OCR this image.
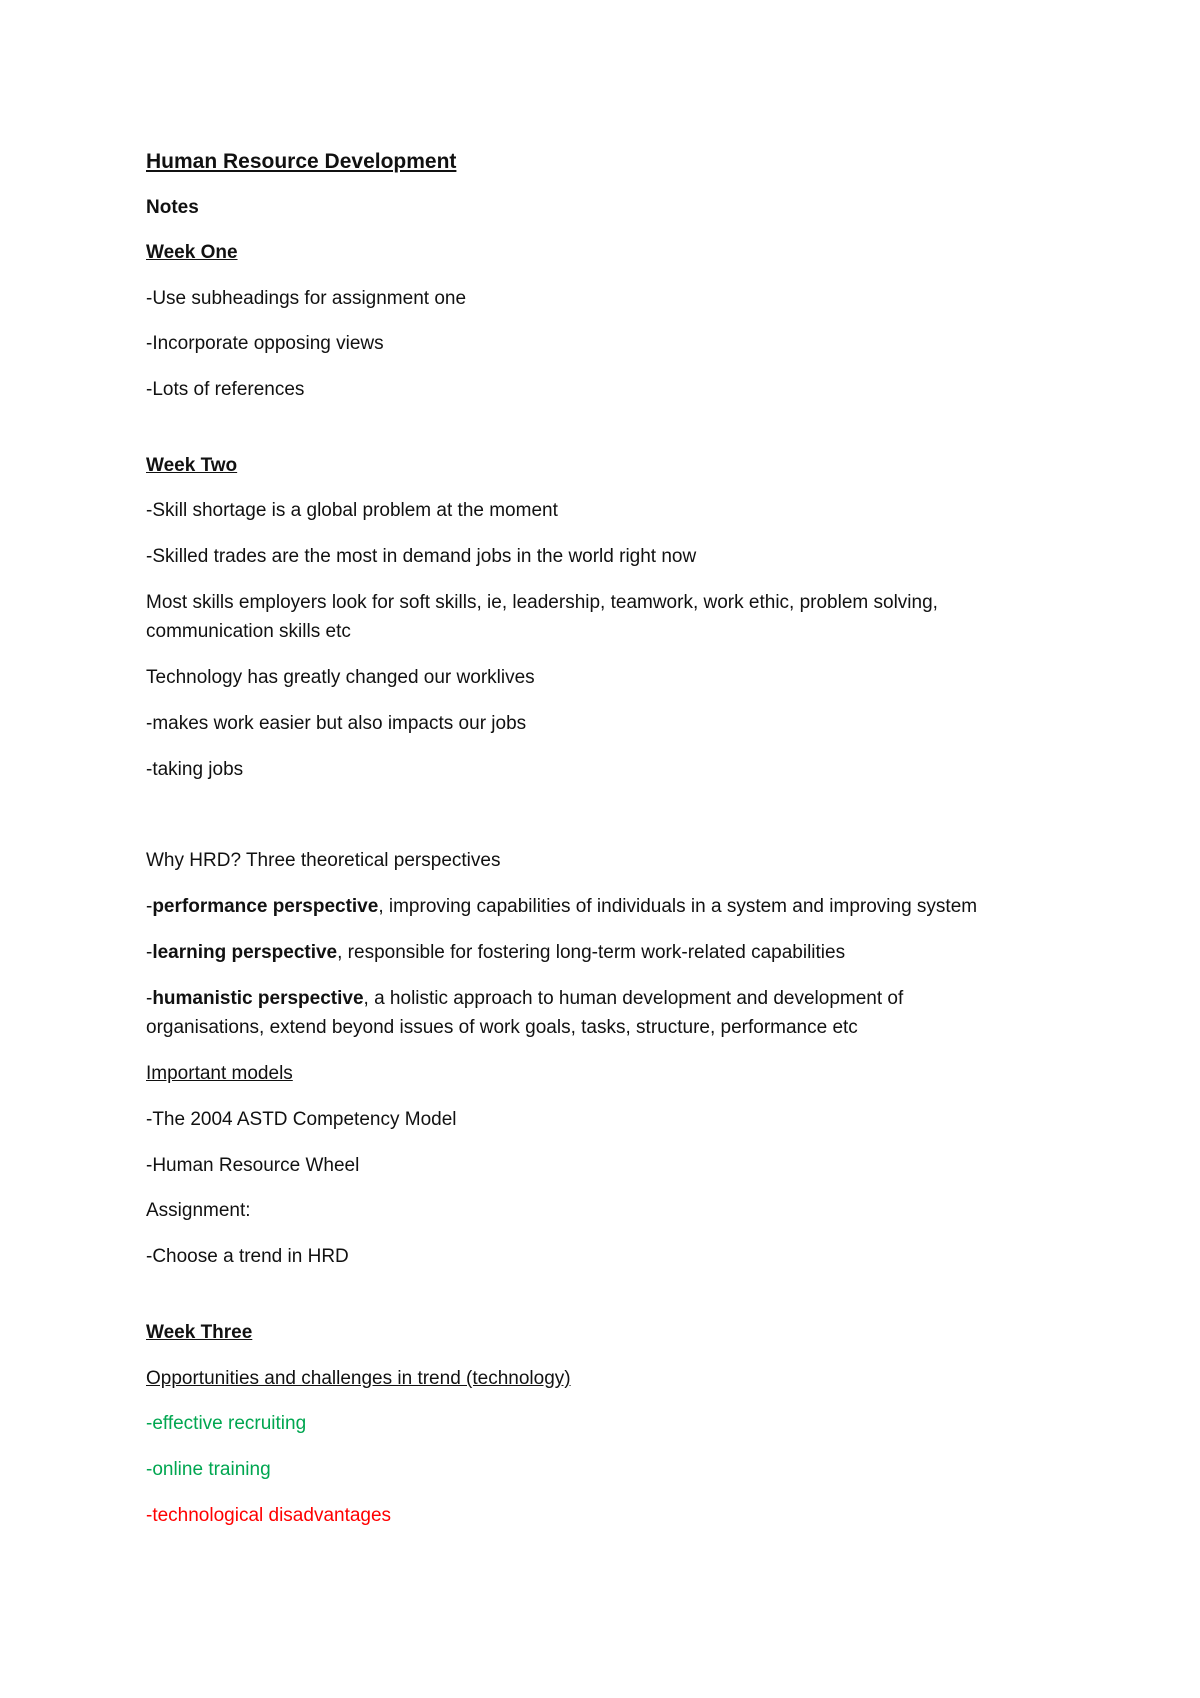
Human Resource Development
Notes
Week One
-Use subheadings for assignment one
-Incorporate opposing views
-Lots of references
Week Two
-Skill shortage is a global problem at the moment
-Skilled trades are the most in demand jobs in the world right now
Most skills employers look for soft skills, ie, leadership, teamwork, work ethic, problem solving,
communication skills etc
Technology has greatly changed our worklives
-makes work easier but also impacts our jobs
-taking jobs
Why HRD? Three theoretical perspectives
-performance perspective, improving capabilities of individuals in a system and improving system
-learning perspective, responsible for fostering long-term work-related capabilities
-humanistic perspective, a holistic approach to human development and development of
organisations, extend beyond issues of work goals, tasks, structure, performance etc
Important models
-The 2004 ASTD Competency Model
-Human Resource Wheel
Assignment:
-Choose a trend in HRD
Week Three
Opportunities and challenges in trend (technology)
-effective recruiting
-online training
-technological disadvantages
